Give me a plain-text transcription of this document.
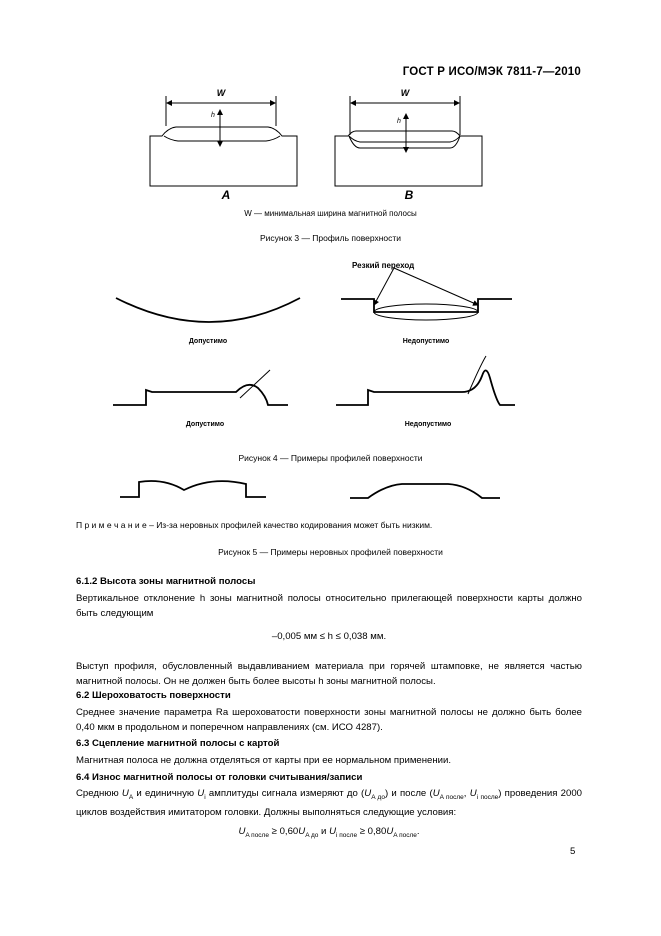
ГОСТ Р ИСО/МЭК 7811-7—2010
W	W
h
h
A	B
W — минимальная ширина магнитной полосы
Рисунок 3 — Профиль поверхности
Резкий переход
Допустимо	Недопустимо
Допустимо	Недопустимо
Рисунок 4 — Примеры профилей поверхности
П р и м е ч а н и е – Из-за неровных профилей качество кодирования может быть низким.
Рисунок 5 — Примеры неровных профилей поверхности
6.1.2 Высота зоны магнитной полосы
Вертикальное отклонение h зоны магнитной полосы относительно прилегающей поверхности карты должно быть следующим
–0,005 мм ≤ h ≤ 0,038 мм.
Выступ профиля, обусловленный выдавливанием материала при горячей штамповке, не является частью магнитной полосы. Он не должен быть более высоты h зоны магнитной полосы.
6.2 Шероховатость поверхности
Среднее значение параметра Ra шероховатости поверхности зоны магнитной полосы не должно быть более 0,40 мкм в продольном и поперечном направлениях (см. ИСО 4287).
6.3 Сцепление магнитной полосы с картой
Магнитная полоса не должна отделяться от карты при ее нормальном применении.
6.4 Износ магнитной полосы от головки считывания/записи
Среднюю $U_A$ и единичную $U_i$ амплитуды сигнала измеряют до $(U_{A до})$ и после ($U_{A после}$, $U_{i после}$) проведения 2000 циклов воздействия имитатором головки. Должны выполняться следующие условия:
$U_{A после} \ge 0,60U_{A до}$ и $U_{i после} \ge 0,80U_{A после}$.
5
